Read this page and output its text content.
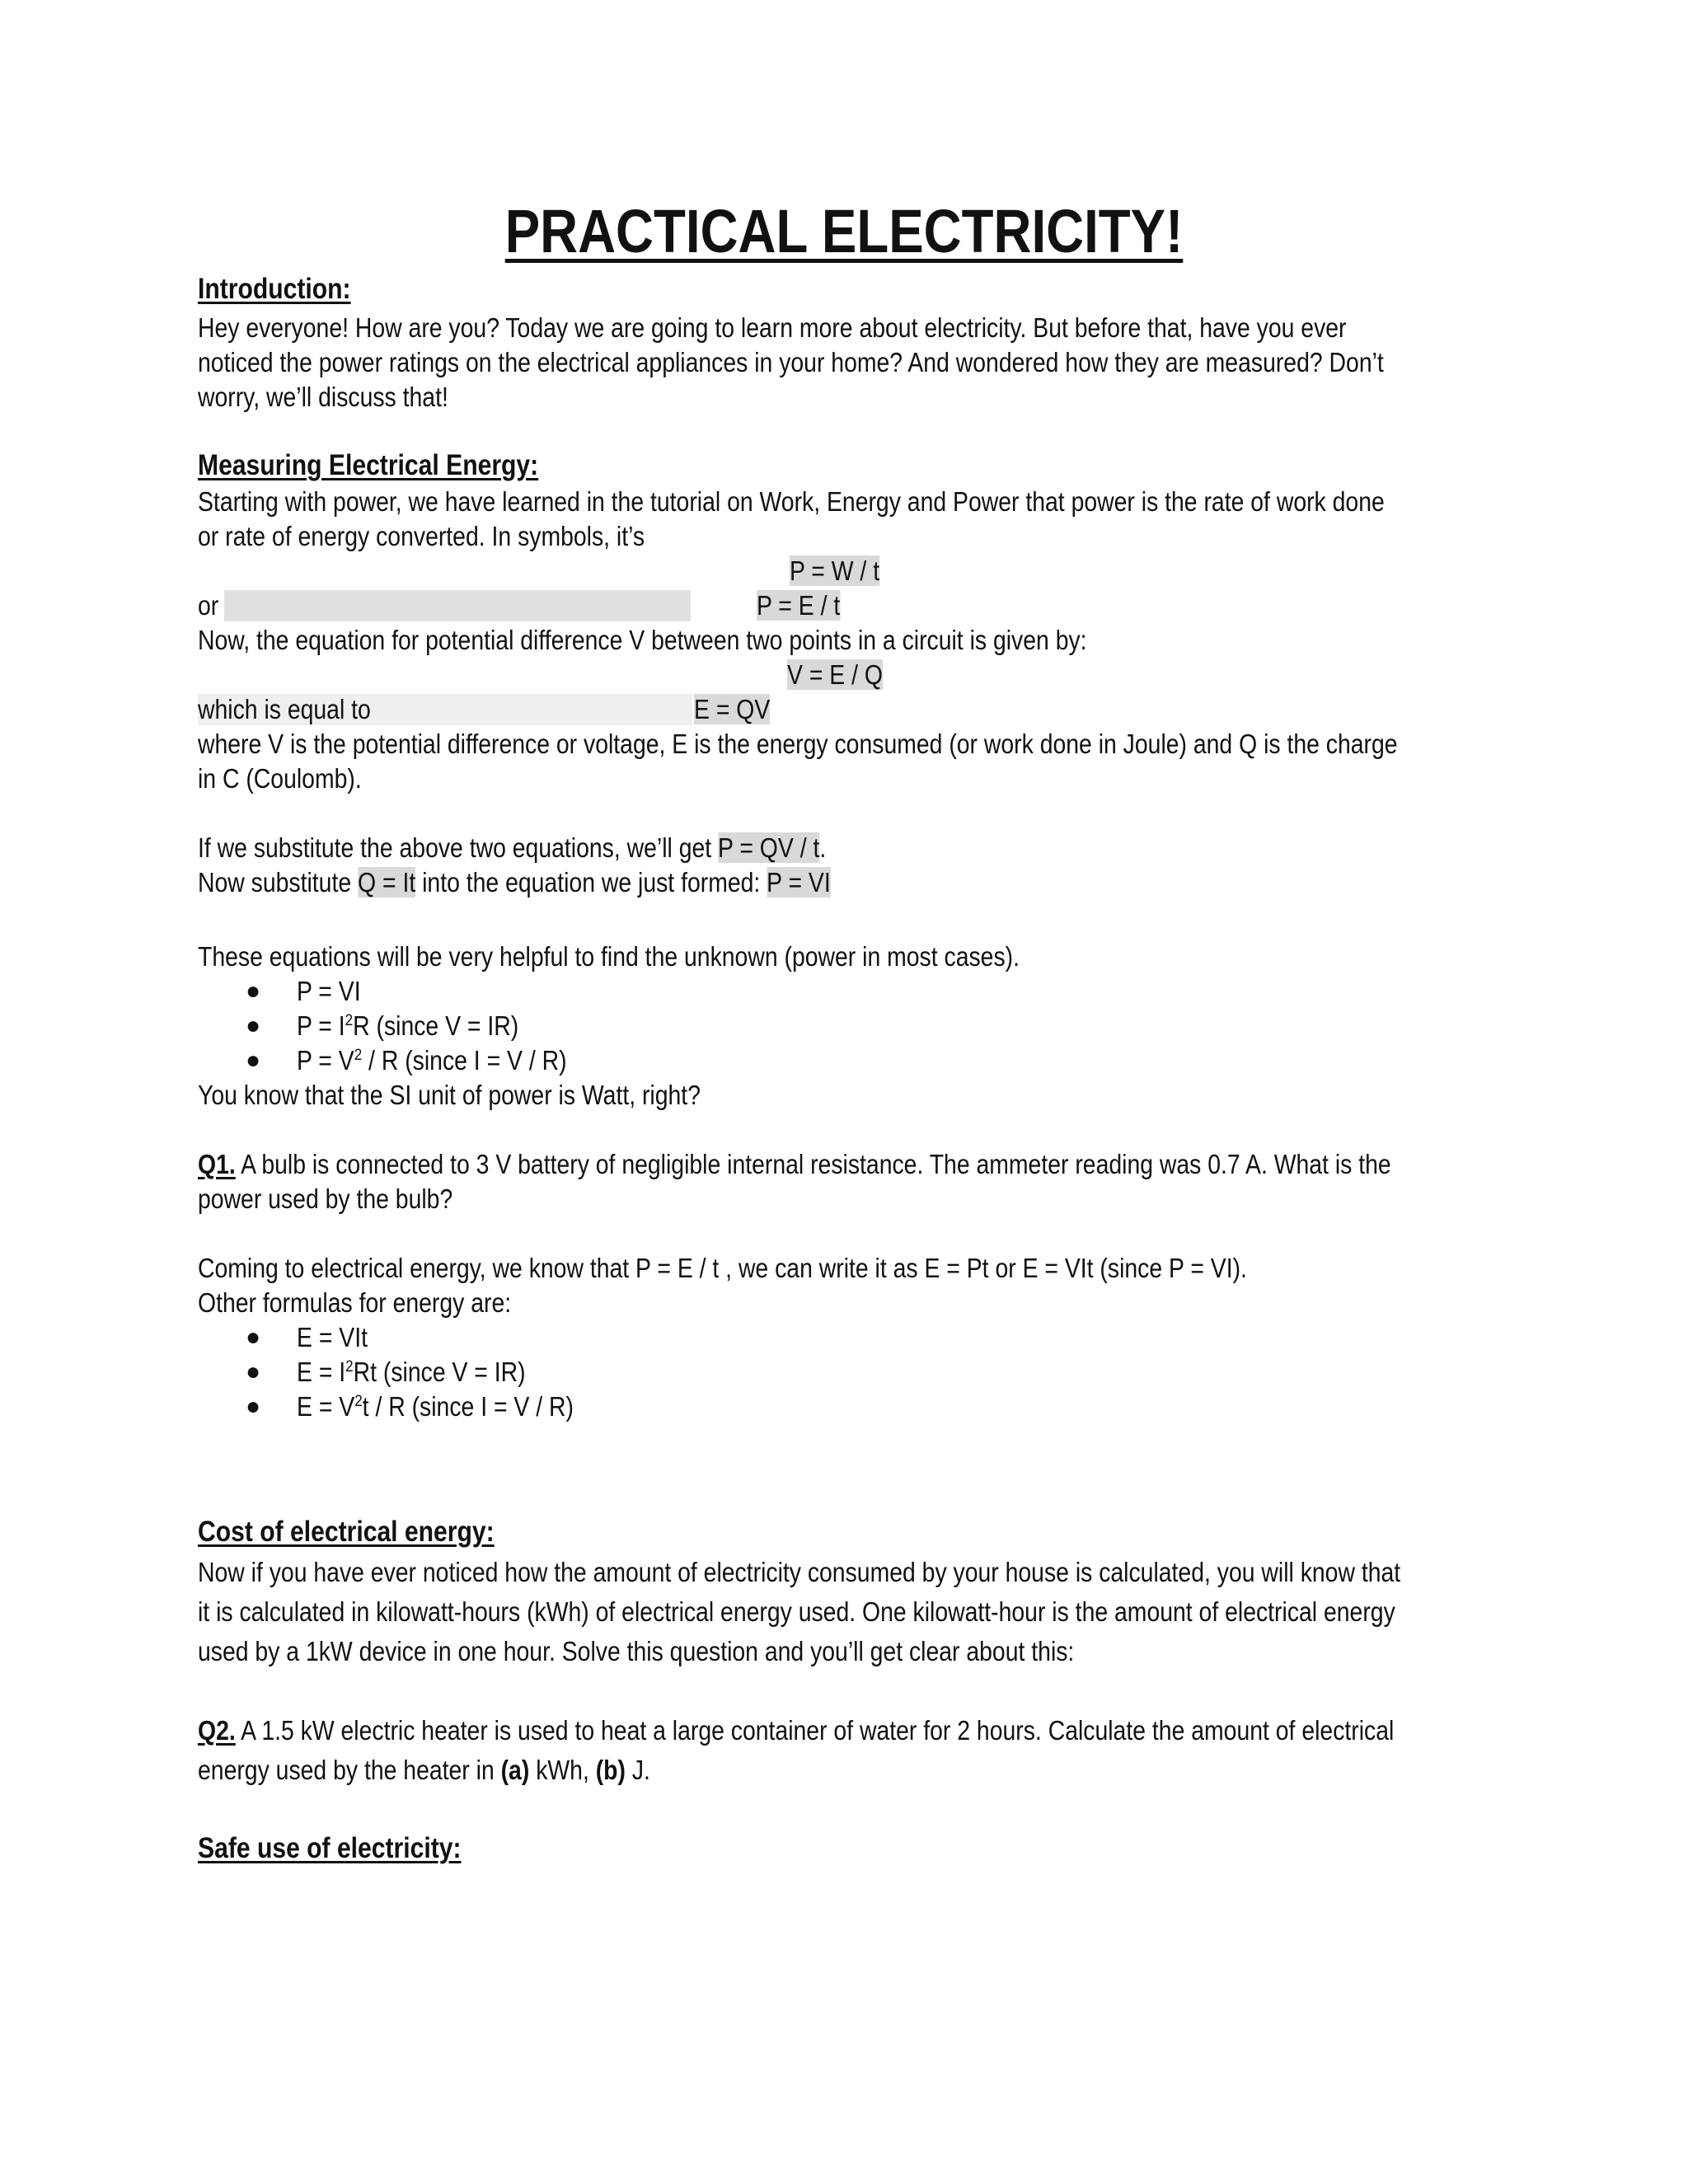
PRACTICAL ELECTRICITY!
Introduction:
Hey everyone! How are you? Today we are going to learn more about electricity. But before that, have you ever
noticed the power ratings on the electrical appliances in your home? And wondered how they are measured? Don’t
worry, we’ll discuss that!
Measuring Electrical Energy:
Starting with power, we have learned in the tutorial on Work, Energy and Power that power is the rate of work done
or rate of energy converted. In symbols, it’s
P = W / t
or	P = E / t
Now, the equation for potential difference V between two points in a circuit is given by:
V = E / Q
which is equal to	E = QV
where V is the potential difference or voltage, E is the energy consumed (or work done in Joule) and Q is the charge
in C (Coulomb).
If we substitute the above two equations, we’ll get P = QV / t.
Now substitute Q = It into the equation we just formed: P = VI
These equations will be very helpful to find the unknown (power in most cases).
● P = VI
● $P = I^2R$ (since V = IR)
● $P = V^2 / R$ (since I = V / R)
You know that the SI unit of power is Watt, right?
Q1. A bulb is connected to 3 V battery of negligible internal resistance. The ammeter reading was 0.7 A. What is the
power used by the bulb?
Coming to electrical energy, we know that P = E / t , we can write it as E = Pt or E = VIt (since P = VI).
Other formulas for energy are:
● E = VIt
● $E = I^2Rt$ (since V = IR)
● $E = V^2t / R$ (since I = V / R)
Cost of electrical energy:
Now if you have ever noticed how the amount of electricity consumed by your house is calculated, you will know that
it is calculated in kilowatt-hours (kWh) of electrical energy used. One kilowatt-hour is the amount of electrical energy
used by a 1kW device in one hour. Solve this question and you’ll get clear about this:
Q2. A 1.5 kW electric heater is used to heat a large container of water for 2 hours. Calculate the amount of electrical
energy used by the heater in (a) kWh, (b) J.
Safe use of electricity:
